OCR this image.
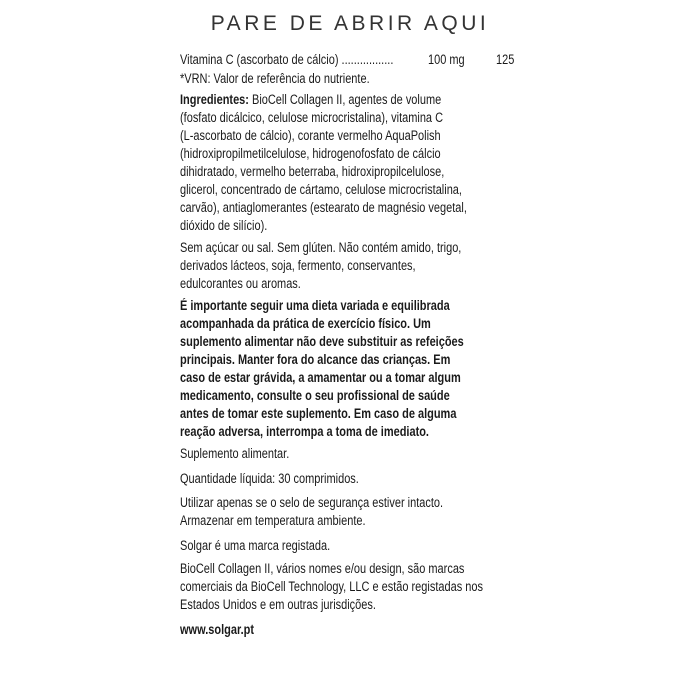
PARE DE ABRIR AQUI
Vitamina C (ascorbato de cálcio) .................	100 mg 125
*VRN: Valor de referência do nutriente.
Ingredientes: BioCell Collagen II, agentes de volume
(fosfato dicálcico, celulose microcristalina), vitamina C
(L-ascorbato de cálcio), corante vermelho AquaPolish
(hidroxipropilmetilcelulose, hidrogenofosfato de cálcio
dihidratado, vermelho beterraba, hidroxipropilcelulose,
glicerol, concentrado de cártamo, celulose microcristalina,
carvão), antiaglomerantes (estearato de magnésio vegetal,
dióxido de silício).
Sem açúcar ou sal. Sem glúten. Não contém amido, trigo,
derivados lácteos, soja, fermento, conservantes,
edulcorantes ou aromas.
É importante seguir uma dieta variada e equilibrada
acompanhada da prática de exercício físico. Um
suplemento alimentar não deve substituir as refeições
principais. Manter fora do alcance das crianças. Em
caso de estar grávida, a amamentar ou a tomar algum
medicamento, consulte o seu profissional de saúde
antes de tomar este suplemento. Em caso de alguma
reação adversa, interrompa a toma de imediato.
Suplemento alimentar.
Quantidade líquida: 30 comprimidos.
Utilizar apenas se o selo de segurança estiver intacto.
Armazenar em temperatura ambiente.
Solgar é uma marca registada.
BioCell Collagen II, vários nomes e/ou design, são marcas
comerciais da BioCell Technology, LLC e estão registadas nos
Estados Unidos e em outras jurisdições.
www.solgar.pt
